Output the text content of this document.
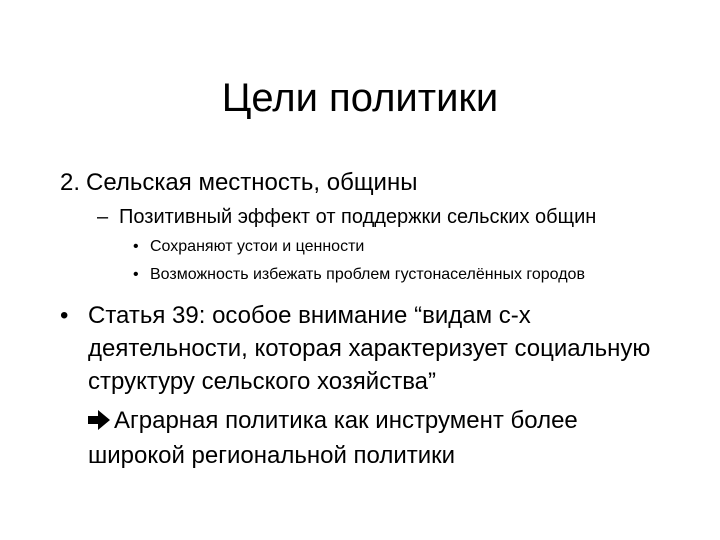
Цели политики
2. Сельская местность, общины
– Позитивный эффект от поддержки сельских общин
• Сохраняют устои и ценности
• Возможность избежать проблем густонаселённых городов
• Статья 39: особое внимание “видам с-х деятельности, которая характеризует социальную структуру сельского хозяйства”
Аграрная политика как инструмент более широкой региональной политики
